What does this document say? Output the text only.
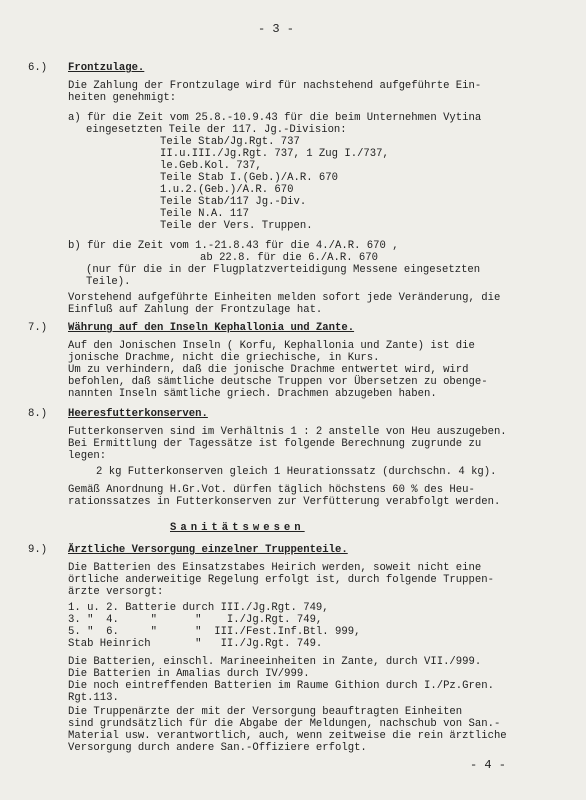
- 3 -
6.) Frontzulage.
Die Zahlung der Frontzulage wird für nachstehend aufgeführte Ein-
heiten genehmigt:
a) für die Zeit vom 25.8.-10.9.43 für die beim Unternehmen Vytina
eingesetzten Teile der 117. Jg.-Division:
Teile Stab/Jg.Rgt. 737
II.u.III./Jg.Rgt. 737, 1 Zug I./737,
le.Geb.Kol. 737,
Teile Stab I.(Geb.)/A.R. 670
1.u.2.(Geb.)/A.R. 670
Teile Stab/117 Jg.-Div.
Teile N.A. 117
Teile der Vers. Truppen.
b) für die Zeit vom 1.-21.8.43 für die 4./A.R. 670 ,
ab 22.8. für die 6./A.R. 670
(nur für die in der Flugplatzverteidigung Messene eingesetzten
Teile).
Vorstehend aufgeführte Einheiten melden sofort jede Veränderung, die
Einfluß auf Zahlung der Frontzulage hat.
7.) Währung auf den Inseln Kephallonia und Zante.
Auf den Jonischen Inseln ( Korfu, Kephallonia und Zante) ist die
jonische Drachme, nicht die griechische, in Kurs.
Um zu verhindern, daß die jonische Drachme entwertet wird, wird
befohlen, daß sämtliche deutsche Truppen vor Übersetzen zu obenge-
nannten Inseln sämtliche griech. Drachmen abzugeben haben.
8.) Heeresfutterkonserven.
Futterkonserven sind im Verhältnis 1 : 2 anstelle von Heu auszugeben.
Bei Ermittlung der Tagessätze ist folgende Berechnung zugrunde zu
legen:
2 kg Futterkonserven gleich 1 Heurationssatz (durchschn. 4 kg).
Gemäß Anordnung H.Gr.Vot. dürfen täglich höchstens 60 % des Heu-
rationssatzes in Futterkonserven zur Verfütterung verabfolgt werden.
Sanitätswesen
9.) Ärztliche Versorgung einzelner Truppenteile.
Die Batterien des Einsatzstabes Heirich werden, soweit nicht eine
örtliche anderweitige Regelung erfolgt ist, durch folgende Truppen-
ärzte versorgt:
1. u. 2. Batterie durch III./Jg.Rgt. 749,
3. "  4.     "      "    I./Jg.Rgt. 749,
5. "  6.     "      "  III./Fest.Inf.Btl. 999,
Stab Heinrich       "   II./Jg.Rgt. 749.
Die Batterien, einschl. Marineeinheiten in Zante, durch VII./999.
Die Batterien in Amalias durch IV/999.
Die noch eintreffenden Batterien im Raume Githion durch I./Pz.Gren.
Rgt.113.
Die Truppenärzte der mit der Versorgung beauftragten Einheiten
sind grundsätzlich für die Abgabe der Meldungen, nachschub von San.-
Material usw. verantwortlich, auch, wenn zeitweise die rein ärztliche
Versorgung durch andere San.-Offiziere erfolgt.
- 4 -
